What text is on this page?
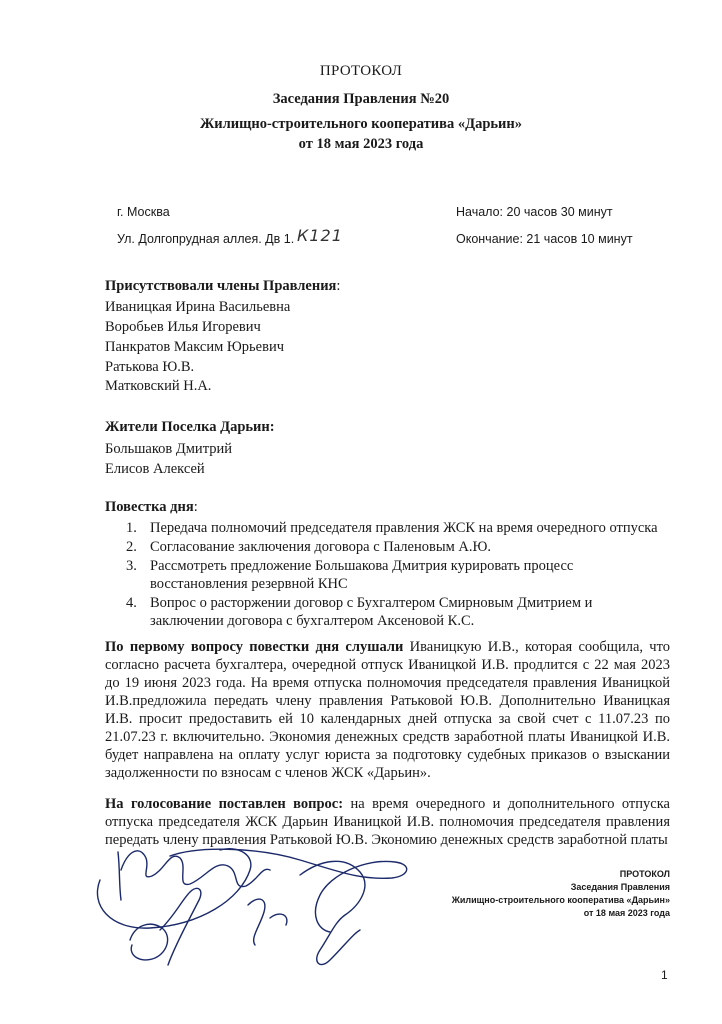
ПРОТОКОЛ
Заседания Правления №20
Жилищно-строительного кооператива «Дарьин»
от 18 мая 2023 года
г. Москва	Начало: 20 часов 30 минут
Ул. Долгопрудная аллея. Дв 1. К121	Окончание: 21 часов 10 минут
Присутствовали члены Правления:
Иваницкая Ирина Васильевна
Воробьев Илья Игоревич
Панкратов Максим Юрьевич
Ратькова Ю.В.
Матковский Н.А.
Жители Поселка Дарьин:
Большаков Дмитрий
Елисов Алексей
Повестка дня:
1. Передача полномочий председателя правления ЖСК на время очередного отпуска
2. Согласование заключения договора с Паленовым А.Ю.
3. Рассмотреть предложение Большакова Дмитрия курировать процесс восстановления резервной КНС
4. Вопрос о расторжении договор с Бухгалтером Смирновым Дмитрием и заключении договора с бухгалтером Аксеновой К.С.
По первому вопросу повестки дня слушали Иваницкую И.В., которая сообщила, что согласно расчета бухгалтера, очередной отпуск Иваницкой И.В. продлится с 22 мая 2023 до 19 июня 2023 года. На время отпуска полномочия председателя правления Иваницкой И.В.предложила передать члену правления Ратьковой Ю.В. Дополнительно Иваницкая И.В. просит предоставить ей 10 календарных дней отпуска за свой счет с 11.07.23 по 21.07.23 г. включительно. Экономия денежных средств заработной платы Иваницкой И.В. будет направлена на оплату услуг юриста за подготовку судебных приказов о взыскании задолженности по взносам с членов ЖСК «Дарьин».
На голосование поставлен вопрос: на время очередного и дополнительного отпуска отпуска председателя ЖСК Дарьин Иваницкой И.В. полномочия председателя правления передать члену правления Ратьковой Ю.В. Экономию денежных средств заработной платы
ПРОТОКОЛ
Заседания Правления
Жилищно-строительного кооператива «Дарьин»
от 18 мая 2023 года
1
